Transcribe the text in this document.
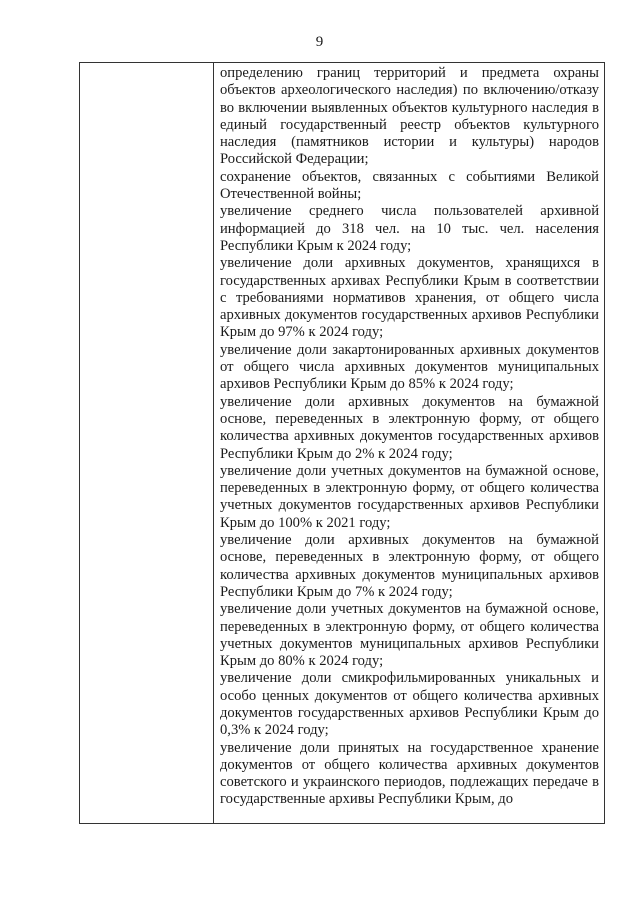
9

определению границ территорий и предмета охраны объектов археологического наследия) по включению/отказу во включении выявленных объектов культурного наследия в единый государственный реестр объектов культурного наследия (памятников истории и культуры) народов Российской Федерации;

сохранение объектов, связанных с событиями Великой Отечественной войны;

увеличение среднего числа пользователей архивной информацией до 318 чел. на 10 тыс. чел. населения Республики Крым к 2024 году;

увеличение доли архивных документов, хранящихся в государственных архивах Республики Крым в соответствии с требованиями нормативов хранения, от общего числа архивных документов государственных архивов Республики Крым до 97% к 2024 году;

увеличение доли закартонированных архивных документов от общего числа архивных документов муниципальных архивов Республики Крым до 85% к 2024 году;

увеличение доли архивных документов на бумажной основе, переведенных в электронную форму, от общего количества архивных документов государственных архивов Республики Крым до 2% к 2024 году;

увеличение доли учетных документов на бумажной основе, переведенных в электронную форму, от общего количества учетных документов государственных архивов Республики Крым до 100% к 2021 году;

увеличение доли архивных документов на бумажной основе, переведенных в электронную форму, от общего количества архивных документов муниципальных архивов Республики Крым до 7% к 2024 году;

увеличение доли учетных документов на бумажной основе, переведенных в электронную форму, от общего количества учетных документов муниципальных архивов Республики Крым до 80% к 2024 году;

увеличение доли смикрофильмированных уникальных и особо ценных документов от общего количества архивных документов государственных архивов Республики Крым до 0,3% к 2024 году;

увеличение доли принятых на государственное хранение документов от общего количества архивных документов советского и украинского периодов, подлежащих передаче в государственные архивы Республики Крым, до
